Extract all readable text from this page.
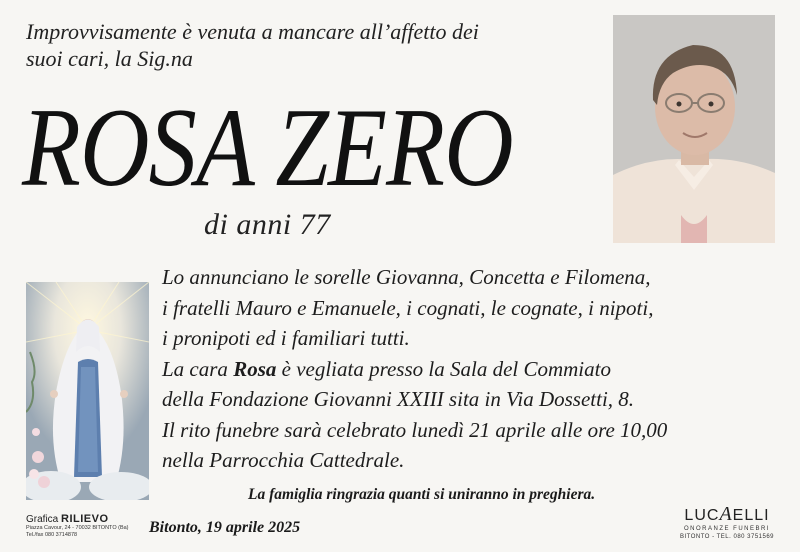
Improvvisamente è venuta a mancare all’affetto dei
suoi cari, la Sig.na
ROSA ZERO
di anni 77

Lo annunciano le sorelle Giovanna, Concetta e Filomena,

i fratelli Mauro e Emanuele, i cognati, le cognate, i nipoti,

i pronipoti ed i familiari tutti.

La cara Rosa è vegliata presso la Sala del Commiato

della Fondazione Giovanni XXIII sita in Via Dossetti, 8.

Il rito funebre sarà celebrato lunedì 21 aprile alle ore 10,00

nella Parrocchia Cattedrale.

La famiglia ringrazia quanti si uniranno in preghiera.
Grafica RILIEVO
Piazza Cavour, 24 - 70032 BITONTO (Ba)
Tel./fax 080 3714878	Bitonto, 19 aprile 2025
LUCAELLI
ONORANZE FUNEBRI
BITONTO - TEL. 080 3751569
